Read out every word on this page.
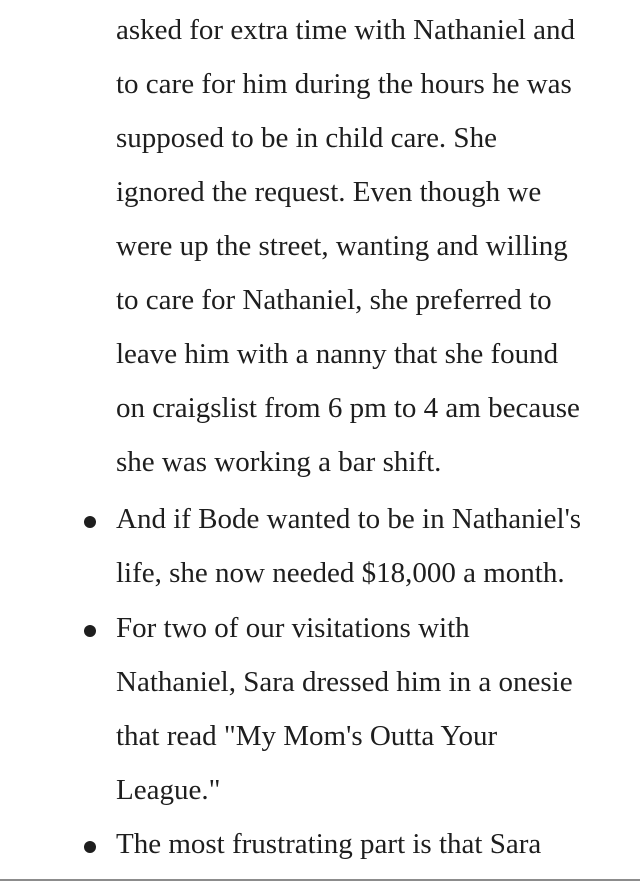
asked for extra time with Nathaniel and
to care for him during the hours he was
supposed to be in child care. She
ignored the request. Even though we
were up the street, wanting and willing
to care for Nathaniel, she preferred to
leave him with a nanny that she found
on craigslist from 6 pm to 4 am because
she was working a bar shift.
And if Bode wanted to be in Nathaniel's
life, she now needed $18,000 a month.
For two of our visitations with
Nathaniel, Sara dressed him in a onesie
that read "My Mom's Outta Your
League."
The most frustrating part is that Sara
